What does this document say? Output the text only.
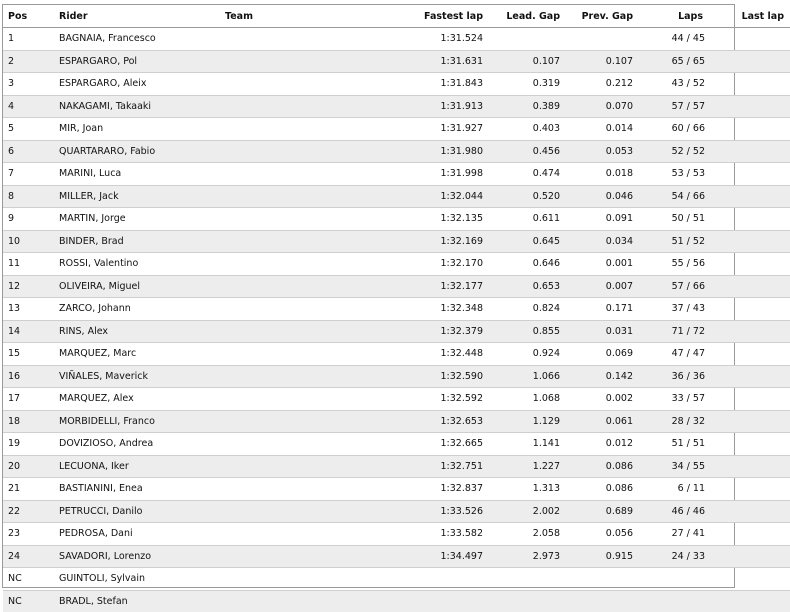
Pos	Rider	Team	Fastest lap	Lead. Gap	Prev. Gap	Laps	Last lap
1	BAGNAIA, Francesco		1:31.524			44 / 45	
2	ESPARGARO, Pol		1:31.631	0.107	0.107	65 / 65	
3	ESPARGARO, Aleix		1:31.843	0.319	0.212	43 / 52	
4	NAKAGAMI, Takaaki		1:31.913	0.389	0.070	57 / 57	
5	MIR, Joan		1:31.927	0.403	0.014	60 / 66	
6	QUARTARARO, Fabio		1:31.980	0.456	0.053	52 / 52	
7	MARINI, Luca		1:31.998	0.474	0.018	53 / 53	
8	MILLER, Jack		1:32.044	0.520	0.046	54 / 66	
9	MARTIN, Jorge		1:32.135	0.611	0.091	50 / 51	
10	BINDER, Brad		1:32.169	0.645	0.034	51 / 52	
11	ROSSI, Valentino		1:32.170	0.646	0.001	55 / 56	
12	OLIVEIRA, Miguel		1:32.177	0.653	0.007	57 / 66	
13	ZARCO, Johann		1:32.348	0.824	0.171	37 / 43	
14	RINS, Alex		1:32.379	0.855	0.031	71 / 72	
15	MARQUEZ, Marc		1:32.448	0.924	0.069	47 / 47	
16	VIÑALES, Maverick		1:32.590	1.066	0.142	36 / 36	
17	MARQUEZ, Alex		1:32.592	1.068	0.002	33 / 57	
18	MORBIDELLI, Franco		1:32.653	1.129	0.061	28 / 32	
19	DOVIZIOSO, Andrea		1:32.665	1.141	0.012	51 / 51	
20	LECUONA, Iker		1:32.751	1.227	0.086	34 / 55	
21	BASTIANINI, Enea		1:32.837	1.313	0.086	6 / 11	
22	PETRUCCI, Danilo		1:33.526	2.002	0.689	46 / 46	
23	PEDROSA, Dani		1:33.582	2.058	0.056	27 / 41	
24	SAVADORI, Lorenzo		1:34.497	2.973	0.915	24 / 33	
NC	GUINTOLI, Sylvain						
NC	BRADL, Stefan						
